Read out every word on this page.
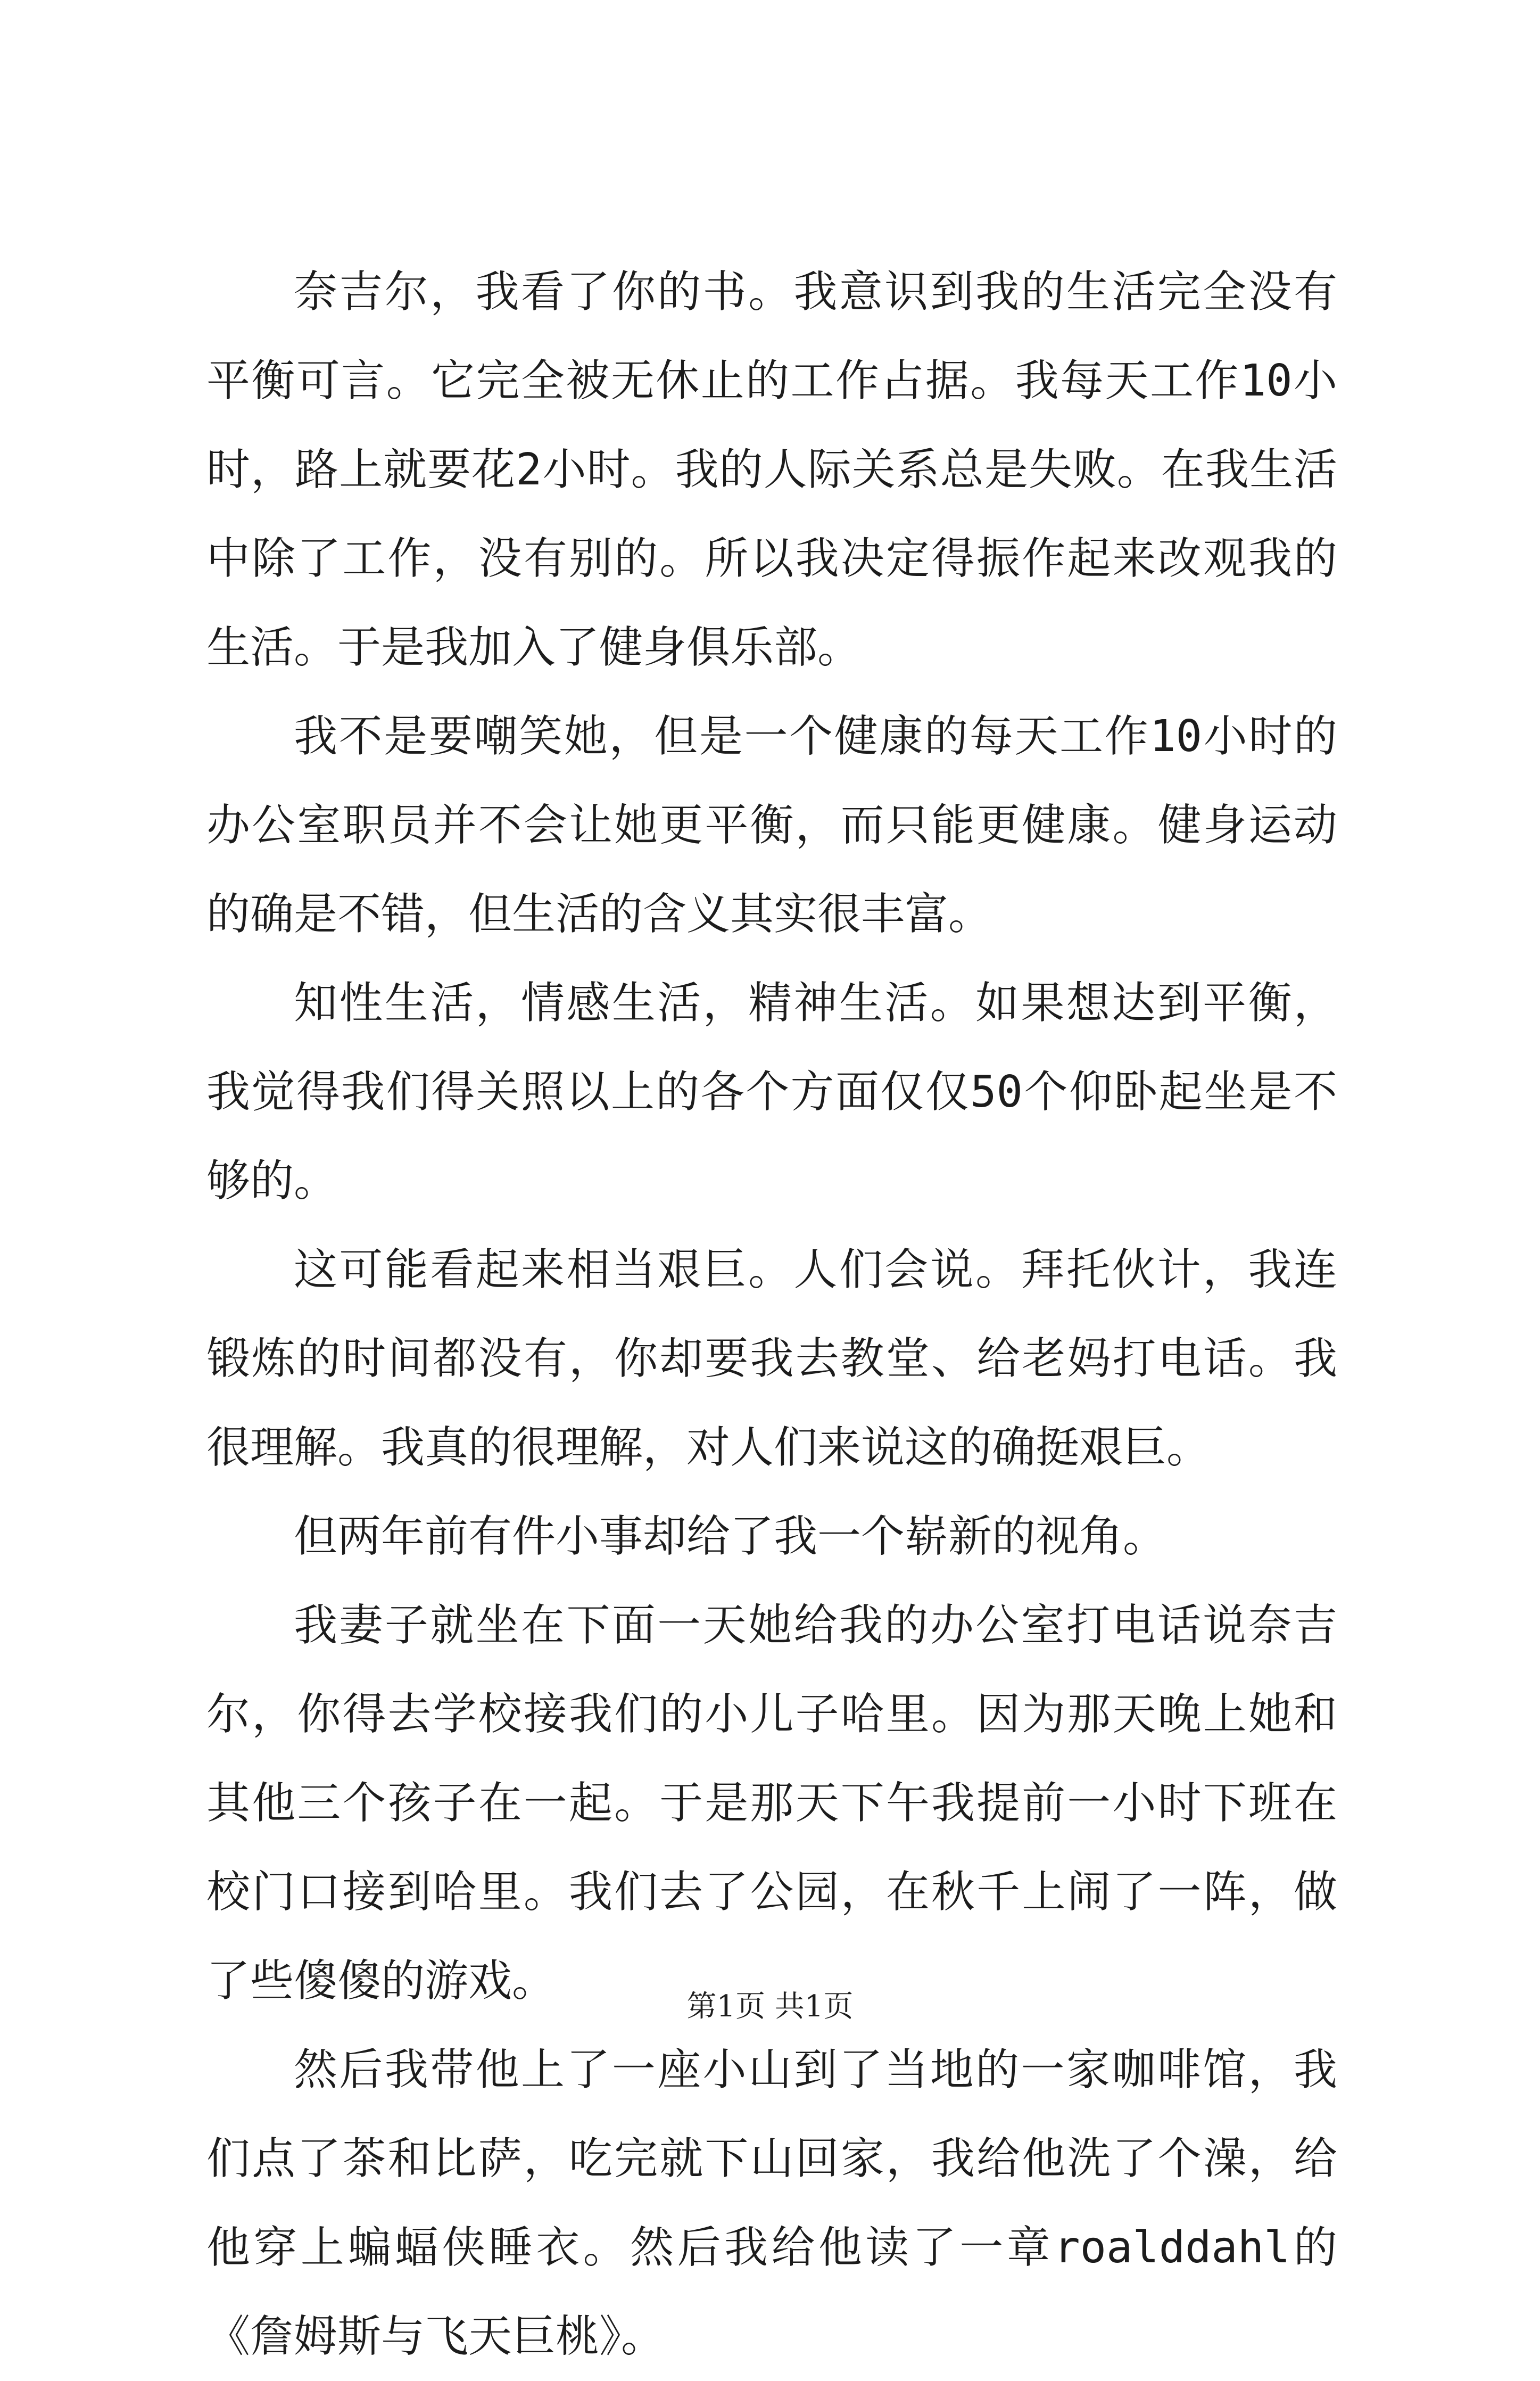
奈吉尔，我看了你的书。我意识到我的生活完全没有平衡可言。它完全被无休止的工作占据。我每天工作10小时，路上就要花2小时。我的人际关系总是失败。在我生活中除了工作，没有别的。所以我决定得振作起来改观我的生活。于是我加入了健身俱乐部。

我不是要嘲笑她，但是一个健康的每天工作10小时的办公室职员并不会让她更平衡，而只能更健康。健身运动的确是不错，但生活的含义其实很丰富。

知性生活，情感生活，精神生活。如果想达到平衡，我觉得我们得关照以上的各个方面仅仅50个仰卧起坐是不够的。

这可能看起来相当艰巨。人们会说。拜托伙计，我连锻炼的时间都没有，你却要我去教堂、给老妈打电话。我很理解。我真的很理解，对人们来说这的确挺艰巨。

但两年前有件小事却给了我一个崭新的视角。

我妻子就坐在下面一天她给我的办公室打电话说奈吉尔，你得去学校接我们的小儿子哈里。因为那天晚上她和其他三个孩子在一起。于是那天下午我提前一小时下班在校门口接到哈里。我们去了公园，在秋千上闹了一阵，做了些傻傻的游戏。

然后我带他上了一座小山到了当地的一家咖啡馆，我们点了茶和比萨，吃完就下山回家，我给他洗了个澡，给他穿上蝙蝠侠睡衣。然后我给他读了一章roalddahl的《詹姆斯与飞天巨桃》。

第1页 共1页
